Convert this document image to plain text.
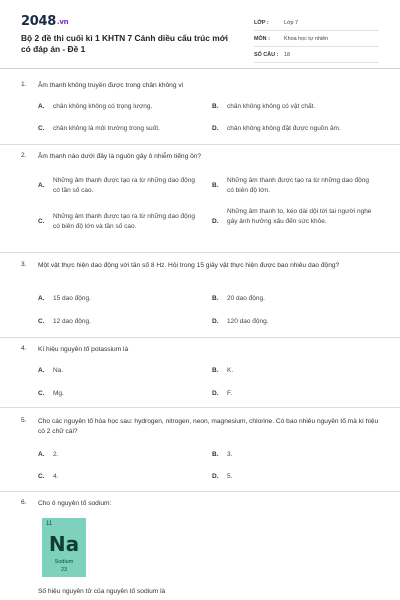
2048.vn
Bộ 2 đề thi cuối kì 1 KHTN 7 Cánh diều cấu trúc mới có đáp án - Đề 1
LỚP :	Lớp 7
MÔN :	Khoa học tự nhiên
SỐ CÂU :	18
1. Âm thanh không truyền được trong chân không vì
A. chân không không có trọng lượng.	B. chân không không có vật chất.
C. chân không là môi trường trong suốt.	D. chân không không đặt được nguồn âm.
2. Âm thanh nào dưới đây là nguồn gây ô nhiễm tiếng ồn?
A.
Những âm thanh được tạo ra từ những dao động có tần số cao.
B.
Những âm thanh được tạo ra từ những dao động có biên độ lớn.
C.
Những âm thanh được tạo ra từ những dao động có biên độ lớn và tần số cao.
D.
Những âm thanh to, kéo dài dội tới tai người nghe gây ảnh hưởng xấu đến sức khỏe.
3. Một vật thực hiện dao động với tần số 8 Hz. Hỏi trong 15 giây vật thực hiện được bao nhiêu dao động?
A. 15 dao động.	B. 20 dao động.
C. 12 dao động.	D. 120 dao động.
4. Kí hiệu nguyên tố potassium là
A. Na.	B. K.
C. Mg.	D. F.
5. Cho các nguyên tố hóa học sau: hydrogen, nitrogen, neon, magnesium, chlorine. Có bao nhiêu nguyên tố mà kí hiệu có 2 chữ cái?
A. 2.	B. 3.
C. 4.	D. 5.
6. Cho ô nguyên tố sodium:
11
Na
Sodium
23
Số hiệu nguyên tử của nguyên tố sodium là
